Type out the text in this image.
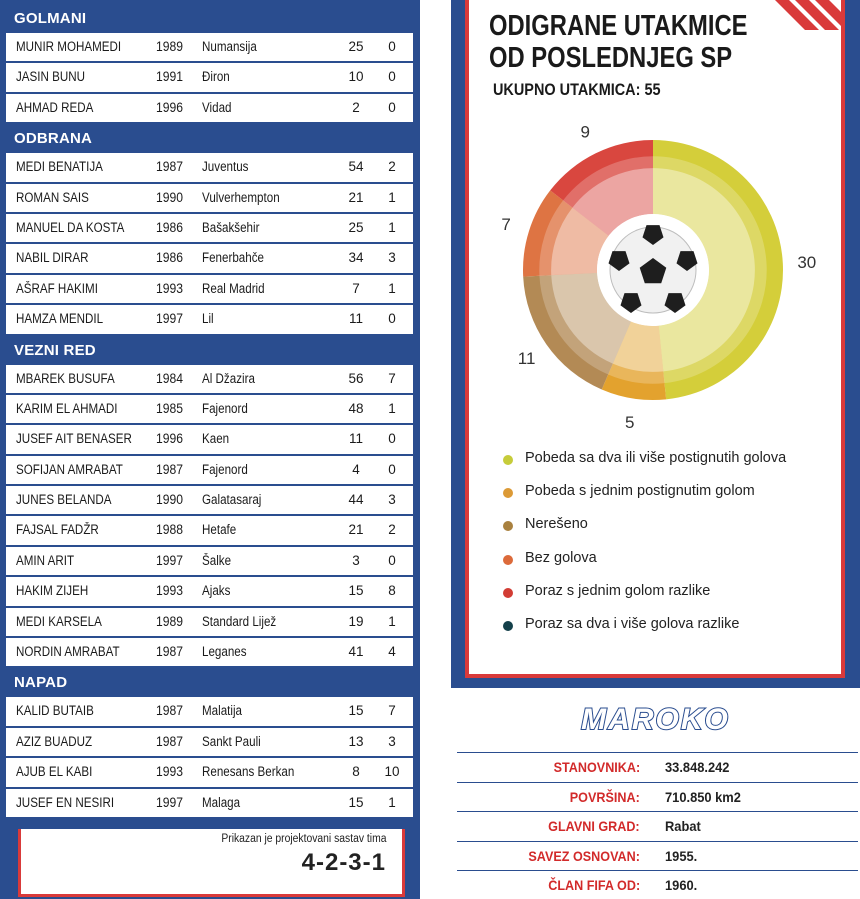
GOLMANI
MUNIR MOHAMEDI	1989 Numansija	25	0
JASIN BUNU	1991 Điron	10	0
AHMAD REDA	1996 Vidad	2	0
ODBRANA
MEDI BENATIJA	1987 Juventus	54	2
ROMAN SAIS	1990 Vulverhempton	21	1
MANUEL DA KOSTA 1986 Bašakšehir	25	1
NABIL DIRAR	1986 Fenerbahče	34	3
AŠRAF HAKIMI	1993 Real Madrid	7	1
HAMZA MENDIL	1997 Lil	11	0
VEZNI RED
MBAREK BUSUFA	1984 Al Džazira	56	7
KARIM EL AHMADI	1985 Fajenord	48	1
JUSEF AIT BENASER 1996 Kaen	11	0
SOFIJAN AMRABAT 1987 Fajenord	4	0
JUNES BELANDA	1990 Galatasaraj	44	3
FAJSAL FADŽR	1988 Hetafe	21	2
AMIN ARIT	1997 Šalke	3	0
HAKIM ZIJEH	1993 Ajaks	15	8
MEDI KARSELA	1989 Standard Lijež	19	1
NORDIN AMRABAT	1987 Leganes	41	4
NAPAD
KALID BUTAIB	1987 Malatija	15	7
AZIZ BUADUZ	1987 Sankt Pauli	13	3
AJUB EL KABI	1993 Renesans Berkan	8	10
JUSEF EN NESIRI	1997 Malaga	15	1
Prikazan je projektovani sastav tima
4-2-3-1
ODIGRANE UTAKMICE
OD POSLEDNJEG SP
UKUPNO UTAKMICA: 55
30
5
11
7
9
Pobeda sa dva ili više postignutih golova
Pobeda s jednim postignutim golom
Nerešeno
Bez golova
Poraz s jednim golom razlike
Poraz sa dva i više golova razlike
MAROKO
STANOVNIKA: 33.848.242
POVRŠINA: 710.850 km2
GLAVNI GRAD: Rabat
SAVEZ OSNOVAN: 1955.
ČLAN FIFA OD: 1960.
